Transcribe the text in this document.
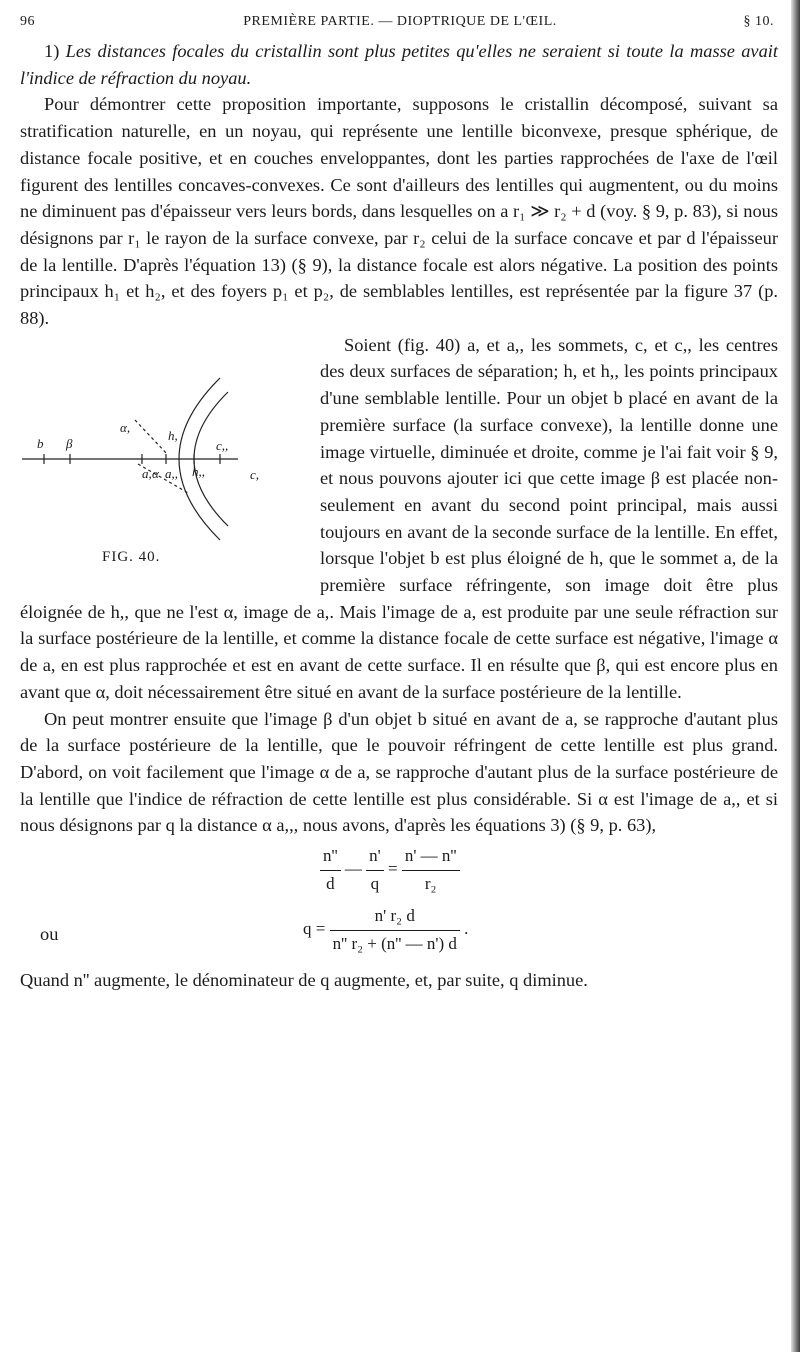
96	PREMIÈRE PARTIE. — DIOPTRIQUE DE L'ŒIL.	§ 10.

1) Les distances focales du cristallin sont plus petites qu'elles ne seraient si toute la masse avait l'indice de réfraction du noyau.

Pour démontrer cette proposition importante, supposons le cristallin décomposé, suivant sa stratification naturelle, en un noyau, qui représente une lentille biconvexe, presque sphérique, de distance focale positive, et en couches enveloppantes, dont les parties rapprochées de l'axe de l'œil figurent des lentilles concaves-convexes. Ce sont d'ailleurs des lentilles qui augmentent, ou du moins ne diminuent pas d'épaisseur vers leurs bords, dans lesquelles on a r₁ ≫ r₂ + d (voy. § 9, p. 83), si nous désignons par r₁ le rayon de la surface convexe, par r₂ celui de la surface concave et par d l'épaisseur de la lentille. D'après l'équation 13) (§ 9), la distance focale est alors négative. La position des points principaux h₁ et h₂, et des foyers p₁ et p₂, de semblables lentilles, est représentée par la figure 37 (p. 88).

b β
α,
h,
c,,
c,
a, α a,, h,,
FIG. 40.

Soient (fig. 40) a, et a,, les sommets, c, et c,, les centres des deux surfaces de séparation; h, et h,, les points principaux d'une semblable lentille. Pour un objet b placé en avant de la première surface (la surface convexe), la lentille donne une image virtuelle, diminuée et droite, comme je l'ai fait voir § 9, et nous pouvons ajouter ici que cette image β est placée non-seulement en avant du second point principal, mais aussi toujours en avant de la seconde surface de la lentille. En effet, lorsque l'objet b est plus éloigné de h, que le sommet a, de la première surface réfringente, son image doit être plus éloignée de h,, que ne l'est α, image de a,. Mais l'image de a, est produite par une seule réfraction sur la surface postérieure de la lentille, et comme la distance focale de cette surface est négative, l'image α de a, en est plus rapprochée et est en avant de cette surface. Il en résulte que β, qui est encore plus en avant que α, doit nécessairement être situé en avant de la surface postérieure de la lentille.

On peut montrer ensuite que l'image β d'un objet b situé en avant de a, se rapproche d'autant plus de la surface postérieure de la lentille, que le pouvoir réfringent de cette lentille est plus grand. D'abord, on voit facilement que l'image α de a, se rapproche d'autant plus de la surface postérieure de la lentille que l'indice de réfraction de cette lentille est plus considérable. Si α est l'image de a,, et si nous désignons par q la distance α a,,, nous avons, d'après les équations 3) (§ 9, p. 63),

$\frac{n''}{d}$ — $\frac{n'}{q} = \frac{n' — n''}{\text{r₂}}$
ou	$q = \frac{\text{n' r₂ d}}{\text{n'' r₂ + (n'' — n') d}}$ .

Quand n'' augmente, le dénominateur de q augmente, et, par suite, q diminue.
